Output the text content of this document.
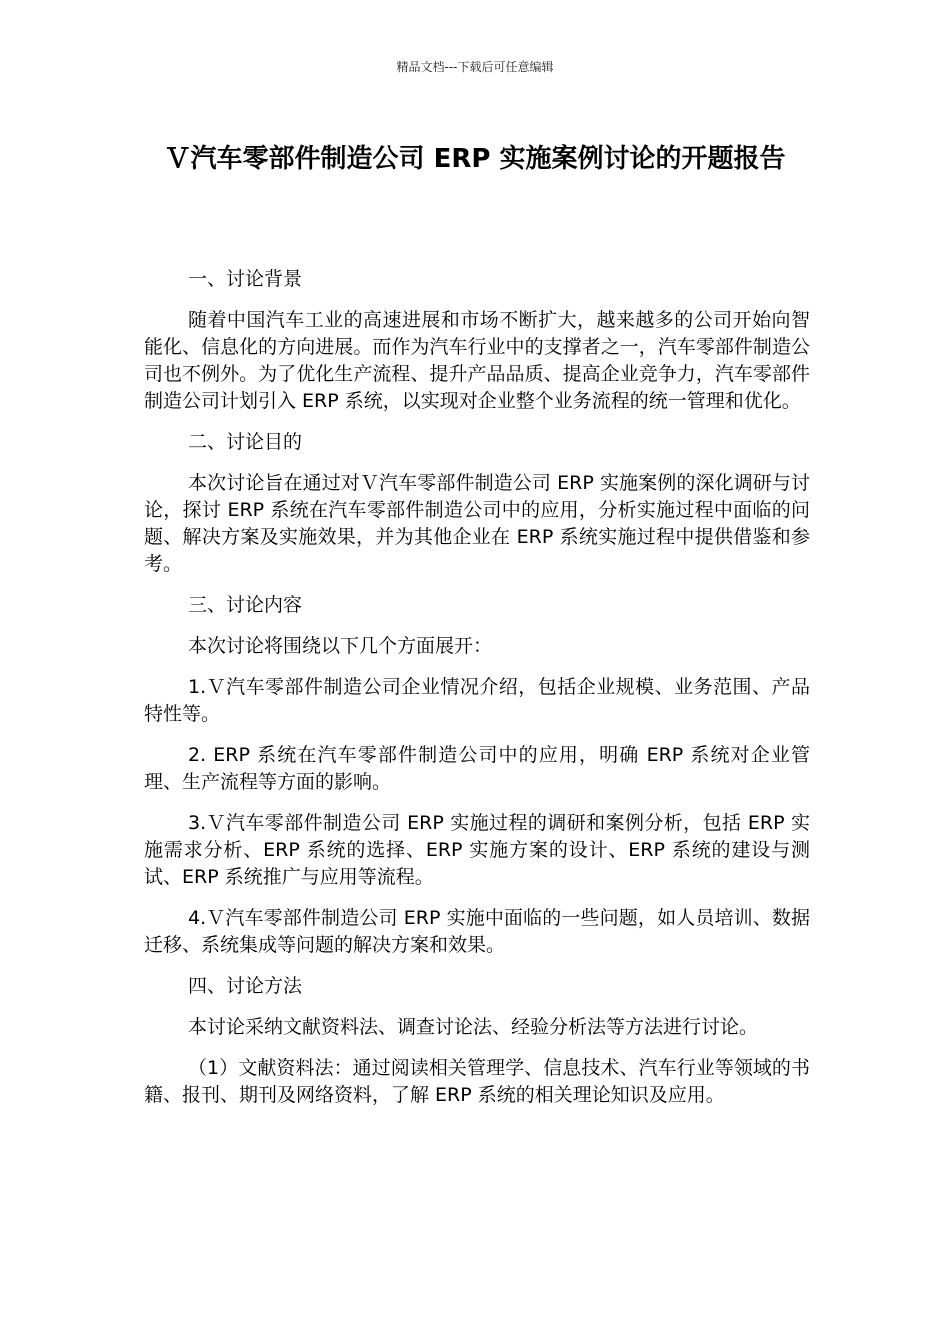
精品文档---下载后可任意编辑
Ｖ汽车零部件制造公司 ERP 实施案例讨论的开题报告

一、讨论背景

随着中国汽车工业的高速进展和市场不断扩大，越来越多的公司开始向智能化、信息化的方向进展。而作为汽车行业中的支撑者之一，汽车零部件制造公司也不例外。为了优化生产流程、提升产品品质、提高企业竞争力，汽车零部件制造公司计划引入 ERP 系统，以实现对企业整个业务流程的统一管理和优化。

二、讨论目的

本次讨论旨在通过对Ｖ汽车零部件制造公司 ERP 实施案例的深化调研与讨论，探讨 ERP 系统在汽车零部件制造公司中的应用，分析实施过程中面临的问题、解决方案及实施效果，并为其他企业在 ERP 系统实施过程中提供借鉴和参考。

三、讨论内容

本次讨论将围绕以下几个方面展开：

1.Ｖ汽车零部件制造公司企业情况介绍，包括企业规模、业务范围、产品特性等。

2. ERP 系统在汽车零部件制造公司中的应用，明确 ERP 系统对企业管理、生产流程等方面的影响。

3.Ｖ汽车零部件制造公司 ERP 实施过程的调研和案例分析，包括 ERP 实施需求分析、ERP 系统的选择、ERP 实施方案的设计、ERP 系统的建设与测试、ERP 系统推广与应用等流程。

4.Ｖ汽车零部件制造公司 ERP 实施中面临的一些问题，如人员培训、数据迁移、系统集成等问题的解决方案和效果。

四、讨论方法

本讨论采纳文献资料法、调查讨论法、经验分析法等方法进行讨论。

（1）文献资料法：通过阅读相关管理学、信息技术、汽车行业等领域的书籍、报刊、期刊及网络资料，了解 ERP 系统的相关理论知识及应用。
